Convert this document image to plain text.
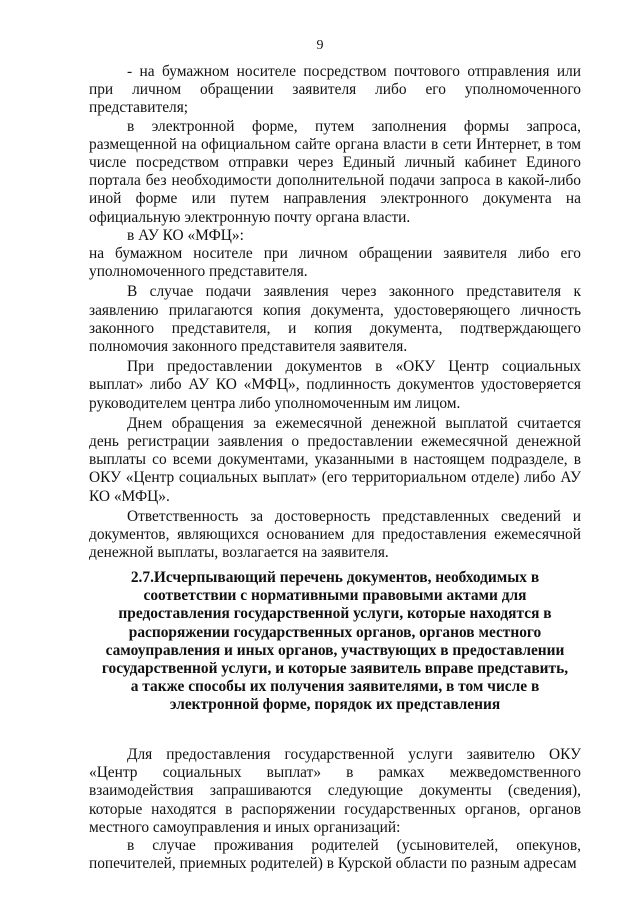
9

- на бумажном носителе посредством почтового отправления или при личном обращении заявителя либо его уполномоченного представителя;

в электронной форме, путем заполнения формы запроса, размещенной на официальном сайте органа власти в сети Интернет, в том числе посредством отправки через Единый личный кабинет Единого портала без необходимости дополнительной подачи запроса в какой-либо иной форме или путем направления электронного документа на официальную электронную почту органа власти.

в АУ КО «МФЦ»:

на бумажном носителе при личном обращении заявителя либо его уполномоченного представителя.

В случае подачи заявления через законного представителя к заявлению прилагаются копия документа, удостоверяющего личность законного представителя, и копия документа, подтверждающего полномочия законного представителя заявителя.

При предоставлении документов в «ОКУ Центр социальных выплат» либо АУ КО «МФЦ», подлинность документов удостоверяется руководителем центра либо уполномоченным им лицом.

Днем обращения за ежемесячной денежной выплатой считается день регистрации заявления о предоставлении ежемесячной денежной выплаты со всеми документами, указанными в настоящем подразделе, в ОКУ «Центр социальных выплат» (его территориальном отделе) либо АУ КО «МФЦ».

Ответственность за достоверность представленных сведений и документов, являющихся основанием для предоставления ежемесячной денежной выплаты, возлагается на заявителя.

2.7.Исчерпывающий перечень документов, необходимых в соответствии с нормативными правовыми актами для предоставления государственной услуги, которые находятся в распоряжении государственных органов, органов местного самоуправления и иных органов, участвующих в предоставлении государственной услуги, и которые заявитель вправе представить, а также способы их получения заявителями, в том числе в электронной форме, порядок их представления

Для предоставления государственной услуги заявителю ОКУ «Центр социальных выплат» в рамках межведомственного взаимодействия запрашиваются следующие документы (сведения), которые находятся в распоряжении государственных органов, органов местного самоуправления и иных организаций:

в случае проживания родителей (усыновителей, опекунов, попечителей, приемных родителей) в Курской области по разным адресам
